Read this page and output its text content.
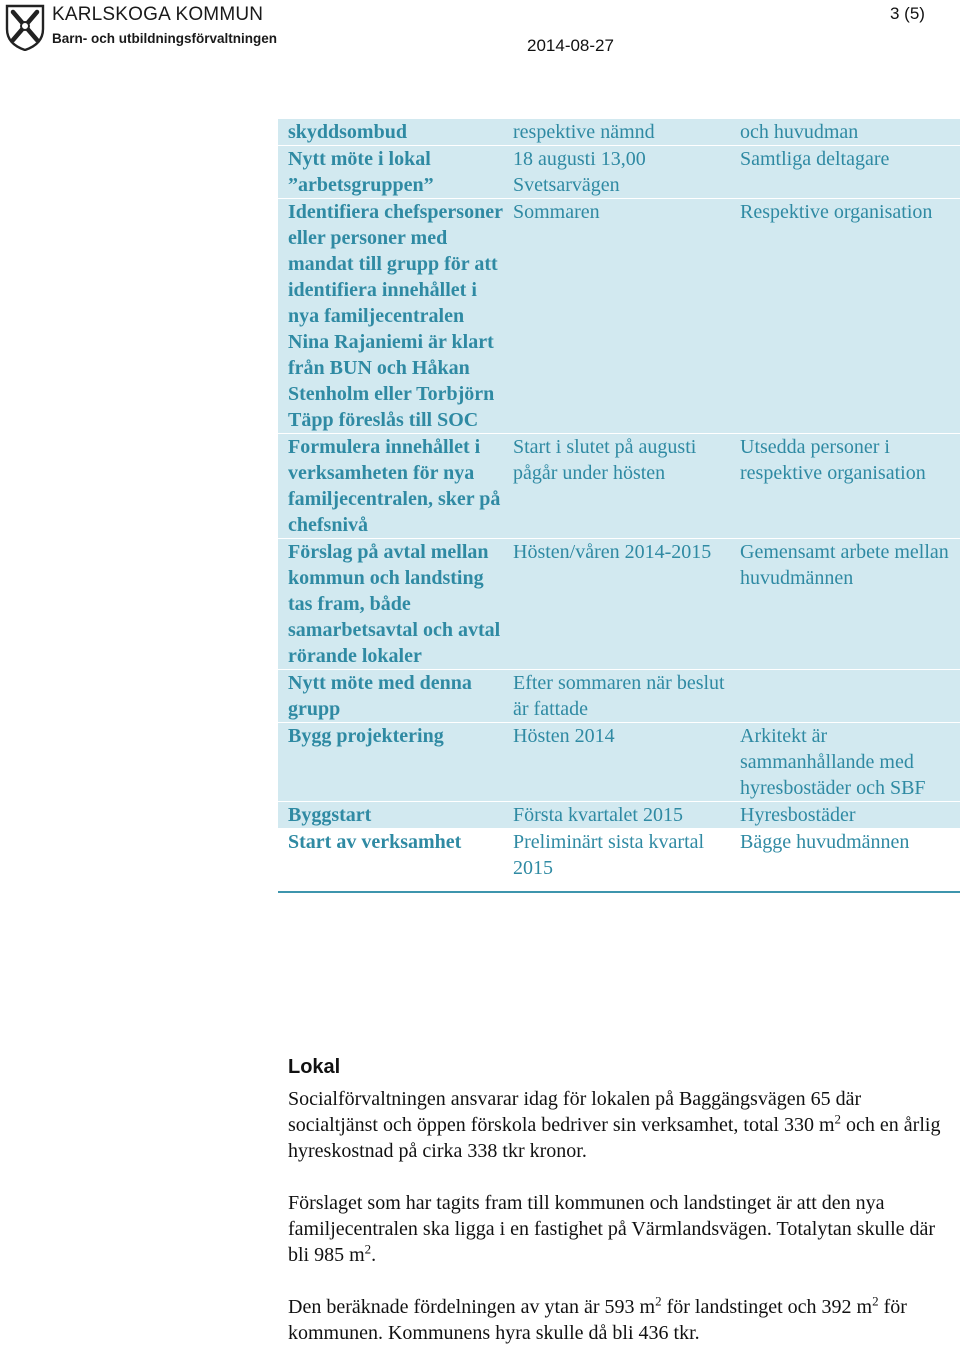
KARLSKOGA KOMMUN
Barn- och utbildningsförvaltningen
3 (5)
2014-08-27
skyddsombud	respektive nämnd	och huvudman
Nytt möte i lokal ”arbetsgruppen”	18 augusti 13,00 Svetsarvägen	Samtliga deltagare
Identifiera chefspersoner eller personer med mandat till grupp för att identifiera innehållet i nya familjecentralen Nina Rajaniemi är klart från BUN och Håkan Stenholm eller Torbjörn Täpp föreslås till SOC	Sommaren	Respektive organisation
Formulera innehållet i verksamheten för nya familjecentralen, sker på chefsnivå	Start i slutet på augusti pågår under hösten	Utsedda personer i respektive organisation
Förslag på avtal mellan kommun och landsting tas fram, både samarbetsavtal och avtal rörande lokaler	Hösten/våren 2014-2015	Gemensamt arbete mellan huvudmännen
Nytt möte med denna grupp	Efter sommaren när beslut är fattade	
Bygg projektering	Hösten 2014	Arkitekt är sammanhållande med hyresbostäder och SBF
Byggstart	Första kvartalet 2015	Hyresbostäder
Start av verksamhet	Preliminärt sista kvartal 2015	Bägge huvudmännen
Lokal

Socialförvaltningen ansvarar idag för lokalen på Baggängsvägen 65 där socialtjänst och öppen förskola bedriver sin verksamhet, total 330 $m^2$ och en årlig hyreskostnad på cirka 338 tkr kronor.

Förslaget som har tagits fram till kommunen och landstinget är att den nya familjecentralen ska ligga i en fastighet på Värmlandsvägen. Totalytan skulle där bli 985 $m^2$.

Den beräknade fördelningen av ytan är 593 $m^2$ för landstinget och 392 $m^2$ för kommunen. Kommunens hyra skulle då bli 436 tkr.
